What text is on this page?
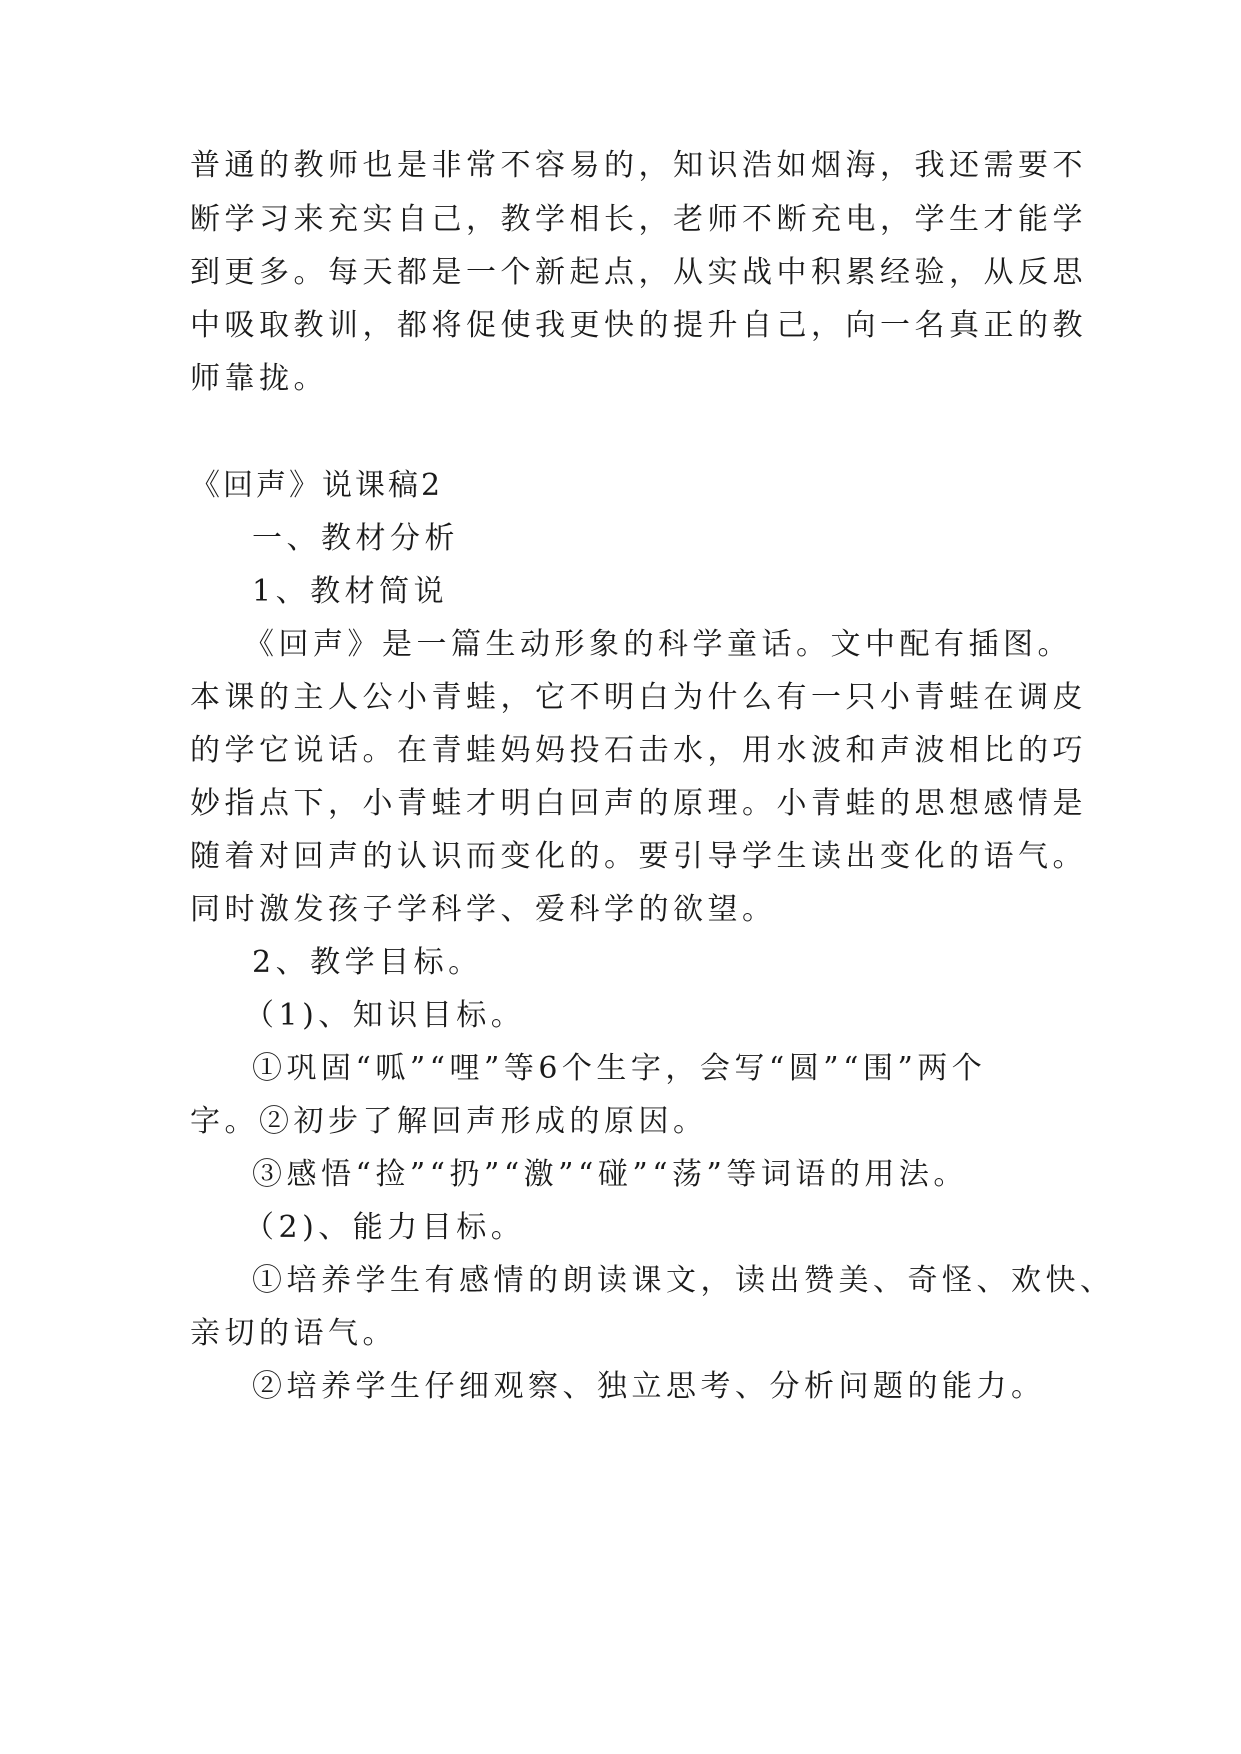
普通的教师也是非常不容易的，知识浩如烟海，我还需要不
断学习来充实自己，教学相长，老师不断充电，学生才能学
到更多。每天都是一个新起点，从实战中积累经验，从反思
中吸取教训，都将促使我更快的提升自己，向一名真正的教
师靠拢。
《回声》说课稿2
一、教材分析
1、教材简说
《回声》是一篇生动形象的科学童话。文中配有插图。
本课的主人公小青蛙，它不明白为什么有一只小青蛙在调皮
的学它说话。在青蛙妈妈投石击水，用水波和声波相比的巧
妙指点下，小青蛙才明白回声的原理。小青蛙的思想感情是
随着对回声的认识而变化的。要引导学生读出变化的语气。
同时激发孩子学科学、爱科学的欲望。
2、教学目标。
（1)、知识目标。
①巩固“呱”“哩”等6个生字，会写“圆”“围”两个
字。②初步了解回声形成的原因。
③感悟“捡”“扔”“激”“碰”“荡”等词语的用法。
（2)、能力目标。
①培养学生有感情的朗读课文，读出赞美、奇怪、欢快、
亲切的语气。
②培养学生仔细观察、独立思考、分析问题的能力。
